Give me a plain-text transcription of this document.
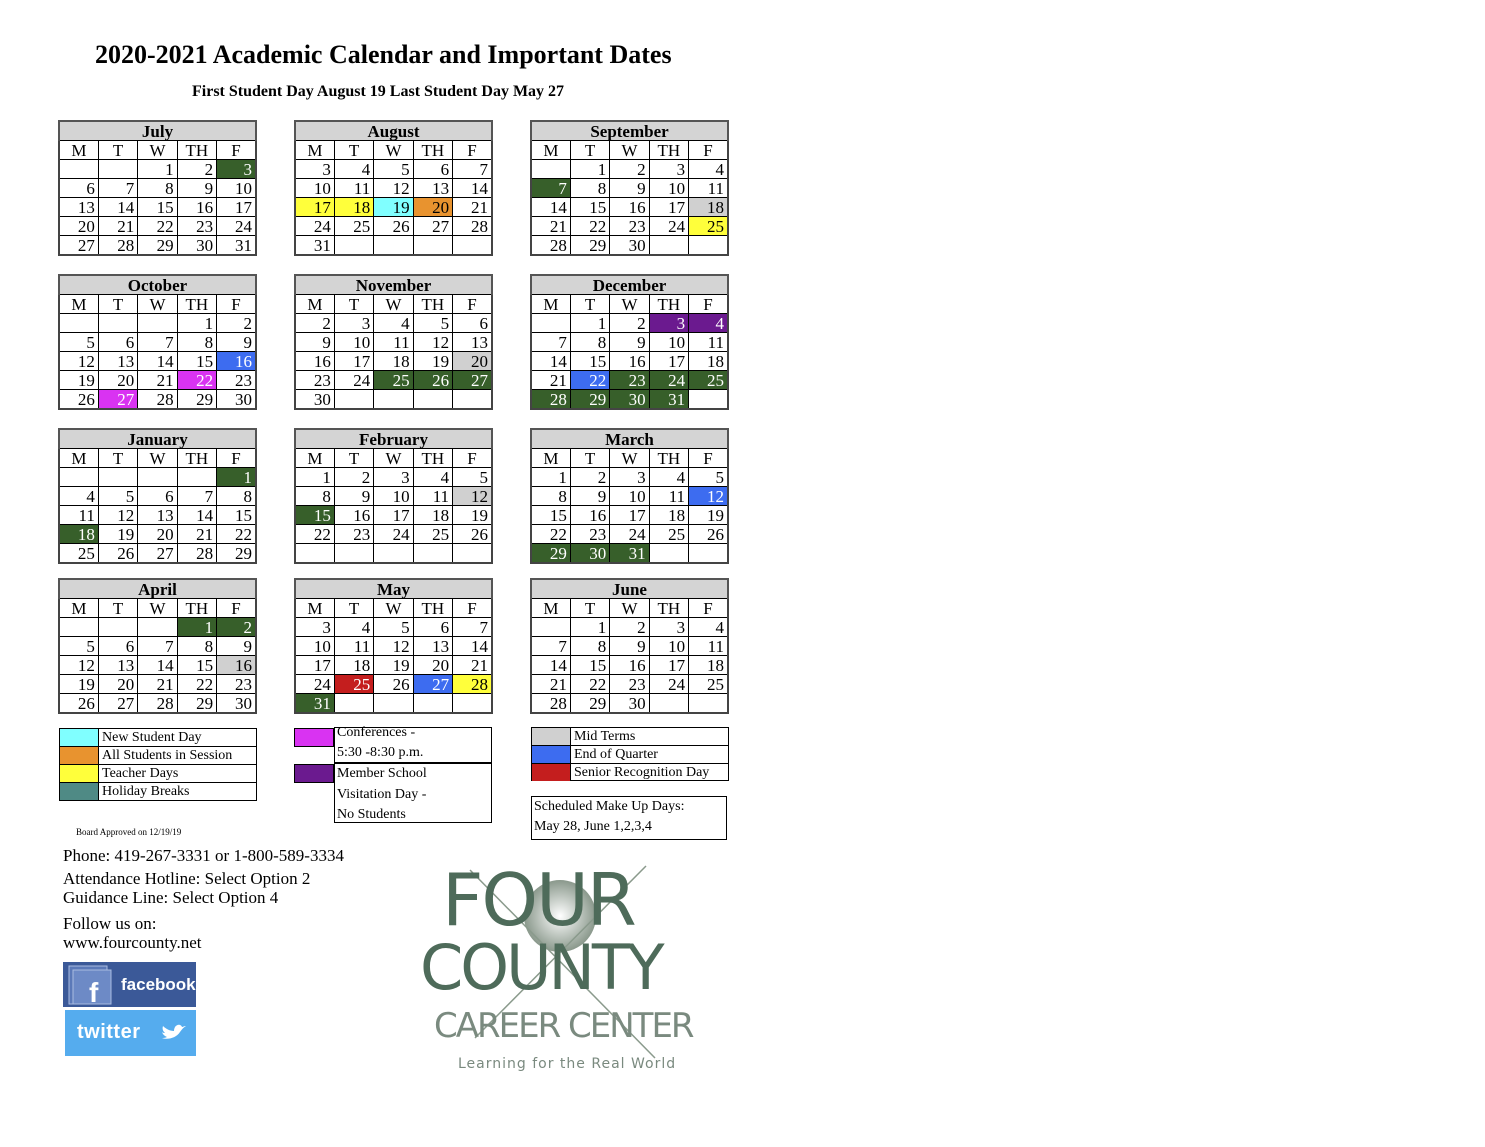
2020-2021 Academic Calendar and Important Dates
First Student Day August 19 Last Student Day May 27
July				
M	T	W	TH	F
		1	2	3
6	7	8	9	10
13	14	15	16	17
20	21	22	23	24
27	28	29	30	31
August				
M	T	W	TH	F
3	4	5	6	7
10	11	12	13	14
17	18	19	20	21
24	25	26	27	28
31				
September				
M	T	W	TH	F
	1	2	3	4
7	8	9	10	11
14	15	16	17	18
21	22	23	24	25
28	29	30		
October				
M	T	W	TH	F
			1	2
5	6	7	8	9
12	13	14	15	16
19	20	21	22	23
26	27	28	29	30
November				
M	T	W	TH	F
2	3	4	5	6
9	10	11	12	13
16	17	18	19	20
23	24	25	26	27
30				
December				
M	T	W	TH	F
	1	2	3	4
7	8	9	10	11
14	15	16	17	18
21	22	23	24	25
28	29	30	31	
January				
M	T	W	TH	F
				1
4	5	6	7	8
11	12	13	14	15
18	19	20	21	22
25	26	27	28	29
February				
M	T	W	TH	F
1	2	3	4	5
8	9	10	11	12
15	16	17	18	19
22	23	24	25	26

March				
M	T	W	TH	F
1	2	3	4	5
8	9	10	11	12
15	16	17	18	19
22	23	24	25	26
29	30	31		
April				
M	T	W	TH	F
			1	2
5	6	7	8	9
12	13	14	15	16
19	20	21	22	23
26	27	28	29	30
May				
M	T	W	TH	F
3	4	5	6	7
10	11	12	13	14
17	18	19	20	21
24	25	26	27	28
31				
June				
M	T	W	TH	F
	1	2	3	4
7	8	9	10	11
14	15	16	17	18
21	22	23	24	25
28	29	30		
New Student Day
All Students in Session
Teacher Days
Holiday Breaks
Conferences -
5:30 -8:30 p.m.
Member School
Visitation Day -
No Students
Mid Terms
End of Quarter
Senior Recognition Day
Scheduled Make Up Days:
May 28, June 1,2,3,4
Board Approved on 12/19/19
Phone: 419-267-3331 or 1-800-589-3334
Attendance Hotline: Select Option 2
Guidance Line: Select Option 4
Follow us on:
www.fourcounty.net
f facebook
twitter
FOUR
COUNTY
CAREER CENTER
Learning for the Real World
